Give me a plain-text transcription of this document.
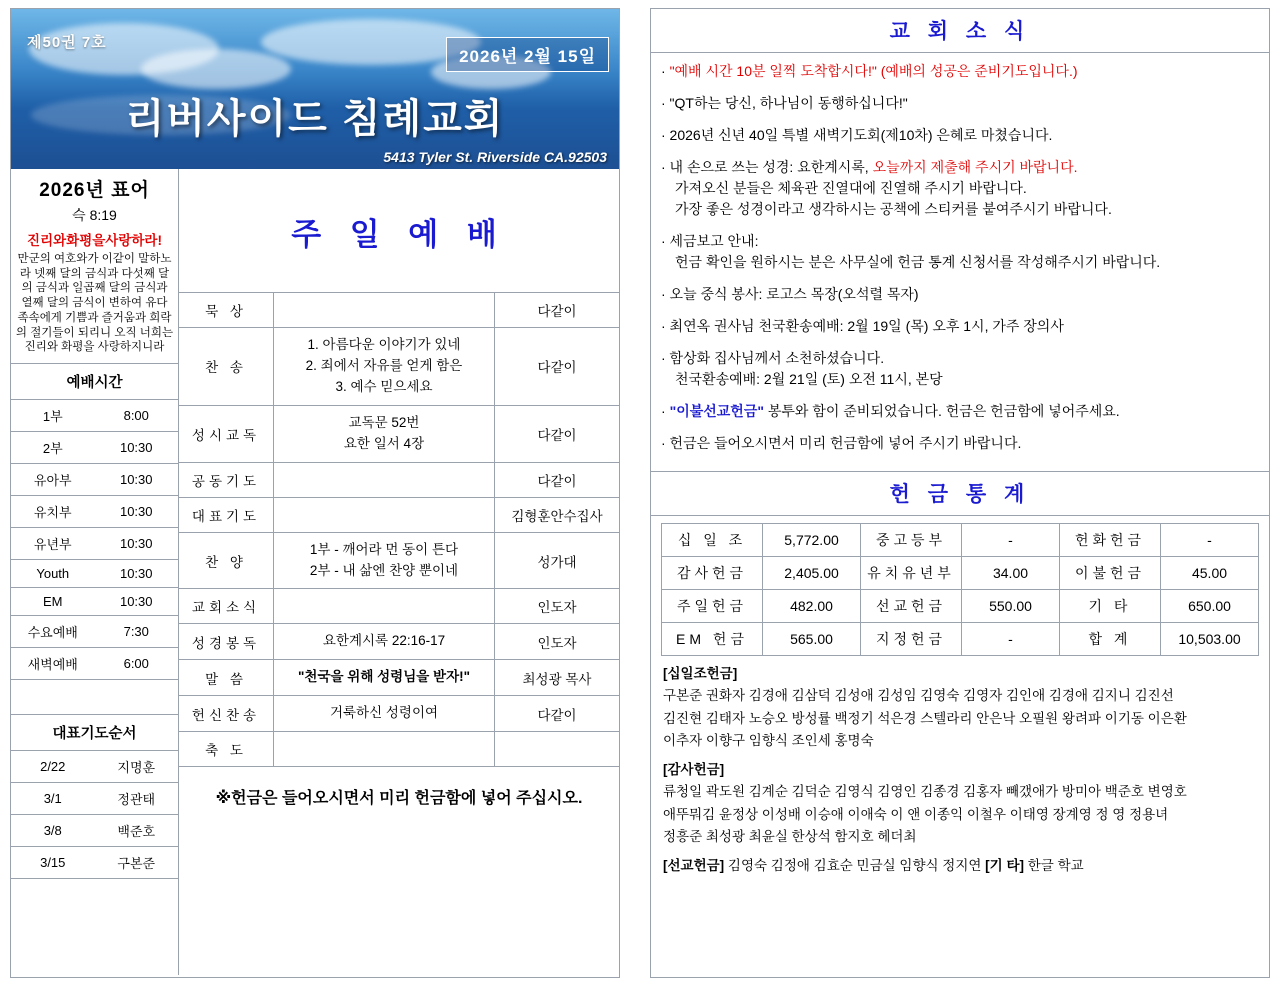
제50권 7호
2026년 2월 15일
리버사이드 침례교회
5413 Tyler St. Riverside CA.92503
2026년 표어
슥 8:19
진리와화평을사랑하라!
만군의 여호와가 이같이 말하노라 넷째 달의 금식과 다섯째 달의 금식과 일곱째 달의 금식과 열째 달의 금식이 변하여 유다 족속에게 기쁨과 즐거움과 희락의 절기들이 되리니 오직 너희는 진리와 화평을 사랑하지니라
예배시간
1부	8:00
2부	10:30
유아부	10:30
유치부	10:30
유년부	10:30
Youth	10:30
EM	10:30
수요예배	7:30
새벽예배	6:00
대표기도순서
2/22	지명훈
3/1	정관태
3/8	백준호
3/15	구본준
주 일 예 배
묵 상		다같이
찬 송	1. 아름다운 이야기가 있네
2. 죄에서 자유를 얻게 함은
3. 예수 믿으세요	다같이
성시교독	교독문 52번
요한 일서 4장	다같이
공동기도		다같이
대표기도		김형훈안수집사
찬 양	1부 - 깨어라 먼 동이 튼다
2부 - 내 삶엔 찬양 뿐이네	성가대
교회소식		인도자
성경봉독	요한계시록 22:16-17	인도자
말 씀	"천국을 위해 성령님을 받자!"	최성광 목사
헌신찬송	거룩하신 성령이여	다같이
축 도		
※헌금은 들어오시면서 미리 헌금함에 넣어 주십시오.
교 회 소 식
· "예배 시간 10분 일찍 도착합시다!" (예배의 성공은 준비기도입니다.)
· "QT하는 당신, 하나님이 동행하십니다!"
· 2026년 신년 40일 특별 새벽기도회(제10차) 은혜로 마쳤습니다.
· 내 손으로 쓰는 성경: 요한계시록, 오늘까지 제출해 주시기 바랍니다.
가져오신 분들은 체육관 진열대에 진열해 주시기 바랍니다.
가장 좋은 성경이라고 생각하시는 공책에 스티커를 붙여주시기 바랍니다.
· 세금보고 안내:
헌금 확인을 원하시는 분은 사무실에 헌금 통계 신청서를 작성해주시기 바랍니다.
· 오늘 중식 봉사: 로고스 목장(오석렬 목자)
· 최연옥 권사님 천국환송예배: 2월 19일 (목) 오후 1시, 가주 장의사
· 함상화 집사님께서 소천하셨습니다.
천국환송예배: 2월 21일 (토) 오전 11시, 본당
· "이불선교헌금" 봉투와 함이 준비되었습니다. 헌금은 헌금함에 넣어주세요.
· 헌금은 들어오시면서 미리 헌금함에 넣어 주시기 바랍니다.
헌 금 통 계
십 일 조	5,772.00	중고등부	-	헌화헌금	-
감사헌금	2,405.00	유치유년부	34.00	이불헌금	45.00
주일헌금	482.00	선교헌금	550.00	기 타	650.00
EM 헌금	565.00	지정헌금	-	합 계	10,503.00

[십일조헌금]

구본준 권화자 김경애 김삼덕 김성애 김성임 김영숙 김영자 김인애 김경애 김지니 김진선

김진현 김태자 노승오 방성률 백정기 석은경 스텔라리 안은낙 오필원 왕려파 이기동 이은환

이추자 이향구 임향식 조인세 홍명숙

[감사헌금]

류청일 곽도원 김계순 김덕순 김영식 김영인 김종경 김홍자 빼갰애가 방미아 백준호 변영호

애뚜뭐김 윤정상 이성배 이승애 이애숙 이 앤 이종익 이철우 이태영 장계영 정 영 정용녀

정흥준 최성광 최윤실 한상석 함지호 헤더최

[선교헌금] 김영숙 김정애 김효순 민금실 임향식 정지연 [기 타] 한글 학교
